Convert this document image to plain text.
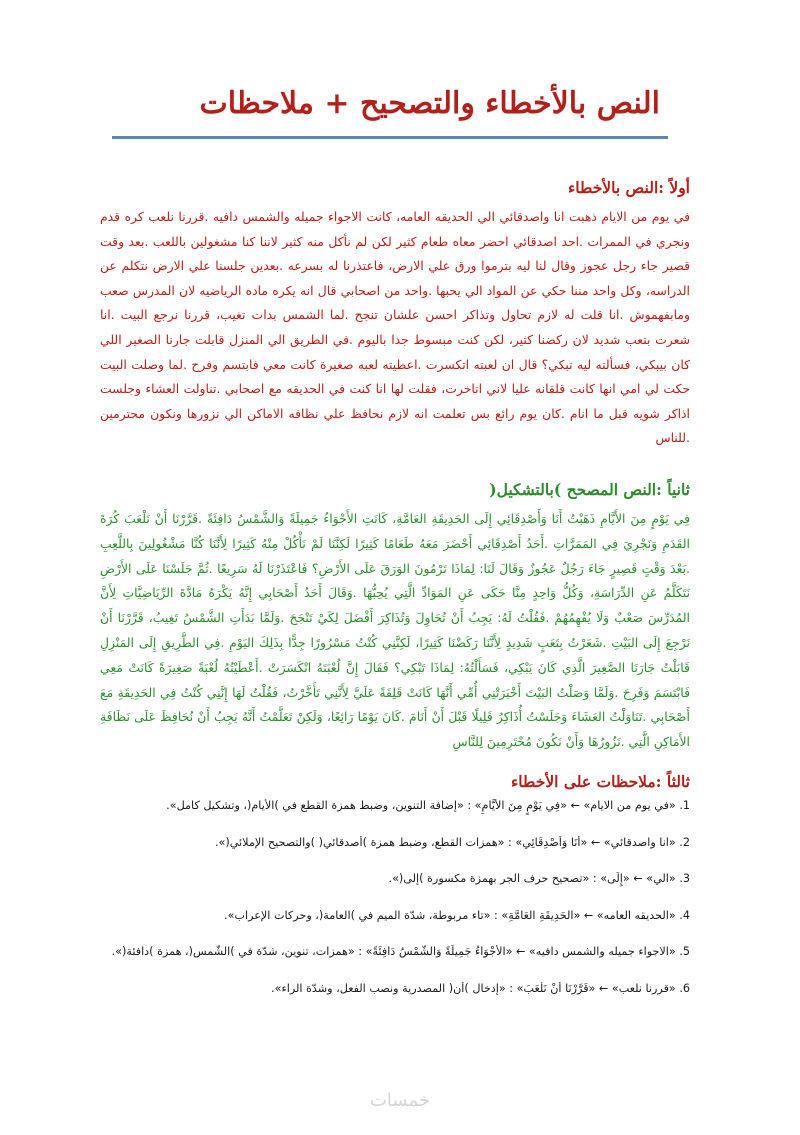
النص بالأخطاء والتصحيح + ملاحظات
أولاً :النص بالأخطاء

في يوم من الايام ذهبت انا واصدقائي الي الحديقه العامه، كانت الاجواء جميله والشمس دافيه .قررنا نلعب كره قدم ونجري في الممرات .احد اصدقائي احضر معاه طعام كثير لكن لم نأكل منه كثير لاننا كنا مشغولين باللعب .بعد وقت قصير جاء رجل عجوز وقال لنا ليه بترموا ورق علي الارض، فاعتذرنا له بسرعه .بعدين جلسنا علي الارض نتكلم عن الدراسه، وكل واحد مننا حكي عن المواد الي يحبها .واحد من اصحابي قال انه يكره ماده الرياضيه لان المدرس صعب ومابفهموش .انا قلت له لازم تحاول وتذاكر احسن علشان تنجح .لما الشمس بدات تغيب، قررنا نرجع البيت .انا شعرت بتعب شديد لان ركضنا كثير، لكن كنت مبسوط جدا باليوم .في الطريق الي المنزل قابلت جارنا الصغير اللي كان بيبكي، فسألته ليه تبكي؟ قال ان لعبته اتكسرت .اعطيته لعبه صغيرة كانت معي فابتسم وفرح .لما وصلت البيت حكت لي امي انها كانت قلقانه عليا لاني اتاخرت، فقلت لها انا كنت في الحديقه مع اصحابي .تناولت العشاء وجلست اذاكر شويه قبل ما انام .كان يوم رائع بس تعلمت انه لازم نحافظ علي نظافه الاماكن الي نزورها ونكون محترمين .للناس

ثانياً :النص المصحح )بالتشكيل(

فِي يَوْمٍ مِنَ الأَيَّامِ ذَهَبْتُ أَنَا وَأَصْدِقَائِي إِلَى الحَدِيقَةِ العَامَّةِ، كَانَتِ الأَجْوَاءُ جَمِيلَةً وَالشَّمْسُ دَافِئَةً .قَرَّرْنَا أَنْ نَلْعَبَ كُرَةَ القَدَمِ وَنَجْرِيَ فِي المَمَرَّاتِ .أَحَدُ أَصْدِقَائِي أَحْضَرَ مَعَهُ طَعَامًا كَثِيرًا لَكِنَّنَا لَمْ نَأْكُلْ مِنْهُ كَثِيرًا لِأَنَّنَا كُنَّا مَشْغُولِينَ بِاللَّعِبِ .بَعْدَ وَقْتٍ قَصِيرٍ جَاءَ رَجُلٌ عَجُوزٌ وَقَالَ لَنَا: لِمَاذَا تَرْمُونَ الوَرَقَ عَلَى الأَرْضِ؟ فَاعْتَذَرْنَا لَهُ سَرِيعًا .ثُمَّ جَلَسْنَا عَلَى الأَرْضِ نَتَكَلَّمُ عَنِ الدِّرَاسَةِ، وَكُلُّ وَاحِدٍ مِنَّا حَكَى عَنِ المَوَادِّ الَّتِي يُحِبُّهَا .وَقَالَ أَحَدُ أَصْحَابِي إِنَّهُ يَكْرَهُ مَادَّةَ الرِّيَاضِيَّاتِ لِأَنَّ المُدَرِّسَ صَعْبٌ وَلَا يُفْهِمُهُمْ .فَقُلْتُ لَهُ: يَجِبُ أَنْ تُحَاوِلَ وَتُذَاكِرَ أَفْضَلَ لِكَيْ تَنْجَحَ .وَلَمَّا بَدَأَتِ الشَّمْسُ تَغِيبُ، قَرَّرْنَا أَنْ نَرْجِعَ إِلَى البَيْتِ .شَعَرْتُ بِتَعَبٍ شَدِيدٍ لِأَنَّنَا رَكَضْنَا كَثِيرًا، لَكِنَّنِي كُنْتُ مَسْرُورًا جِدًّا بِذَلِكَ اليَوْمِ .فِي الطَّرِيقِ إِلَى المَنْزِلِ قَابَلْتُ جَارَنَا الصَّغِيرَ الَّذِي كَانَ يَبْكِي، فَسَأَلْتُهُ: لِمَاذَا تَبْكِي؟ فَقَالَ إِنَّ لُعْبَتَهُ انْكَسَرَتْ .أَعْطَيْتُهُ لُعْبَةً صَغِيرَةً كَانَتْ مَعِي فَابْتَسَمَ وَفَرِحَ .وَلَمَّا وَصَلْتُ البَيْتَ أَخْبَرَتْنِي أُمِّي أَنَّهَا كَانَتْ قَلِقَةً عَلَيَّ لِأَنَّنِي تَأَخَّرْتُ، فَقُلْتُ لَهَا إِنَّنِي كُنْتُ فِي الحَدِيقَةِ مَعَ أَصْحَابِي .تَنَاوَلْتُ العَشَاءَ وَجَلَسْتُ أُذَاكِرُ قَلِيلًا قَبْلَ أَنْ أَنَامَ .كَانَ يَوْمًا رَائِعًا، وَلَكِنْ تَعَلَّمْتُ أَنَّهُ يَجِبُ أَنْ نُحَافِظَ عَلَى نَظَافَةِ الأَمَاكِنِ الَّتِي .نَزُورُهَا وَأَنْ نَكُونَ مُحْتَرِمِينَ لِلنَّاسِ

ثالثاً :ملاحظات على الأخطاء
1. «في يوم من الايام» ← «فِي يَوْمٍ مِنَ الأَيَّامِ» : «إضافة التنوين، وضبط همزة القطع في )الأيام(، وتشكيل كامل».
2. «انا واصدقائي» ← «أَنَا وَأَصْدِقَائِي» : «همزات القطع، وضبط همزة )أصدقائي( )والتصحيح الإملائي(».
3. «الي» ← «إِلَى» : «تصحيح حرف الجر بهمزة مكسورة )إلى(».
4. «الحديقه العامه» ← «الحَدِيقَةِ العَامَّةِ» : «تاء مربوطة، شدّة الميم في )العامة(، وحركات الإعراب».
5. «الاجواء جميله والشمس دافيه» ← «الأَجْوَاءُ جَمِيلَةً وَالشَّمْسُ دَافِئَةً» : «همزات، تنوين، شدّة في )الشّمس(، همزة )دافئة(».
6. «قررنا نلعب» ← «قَرَّرْنَا أَنْ نَلْعَبَ» : «إدخال )أن( المصدرية ونصب الفعل، وشدّة الراء».
خمسات
